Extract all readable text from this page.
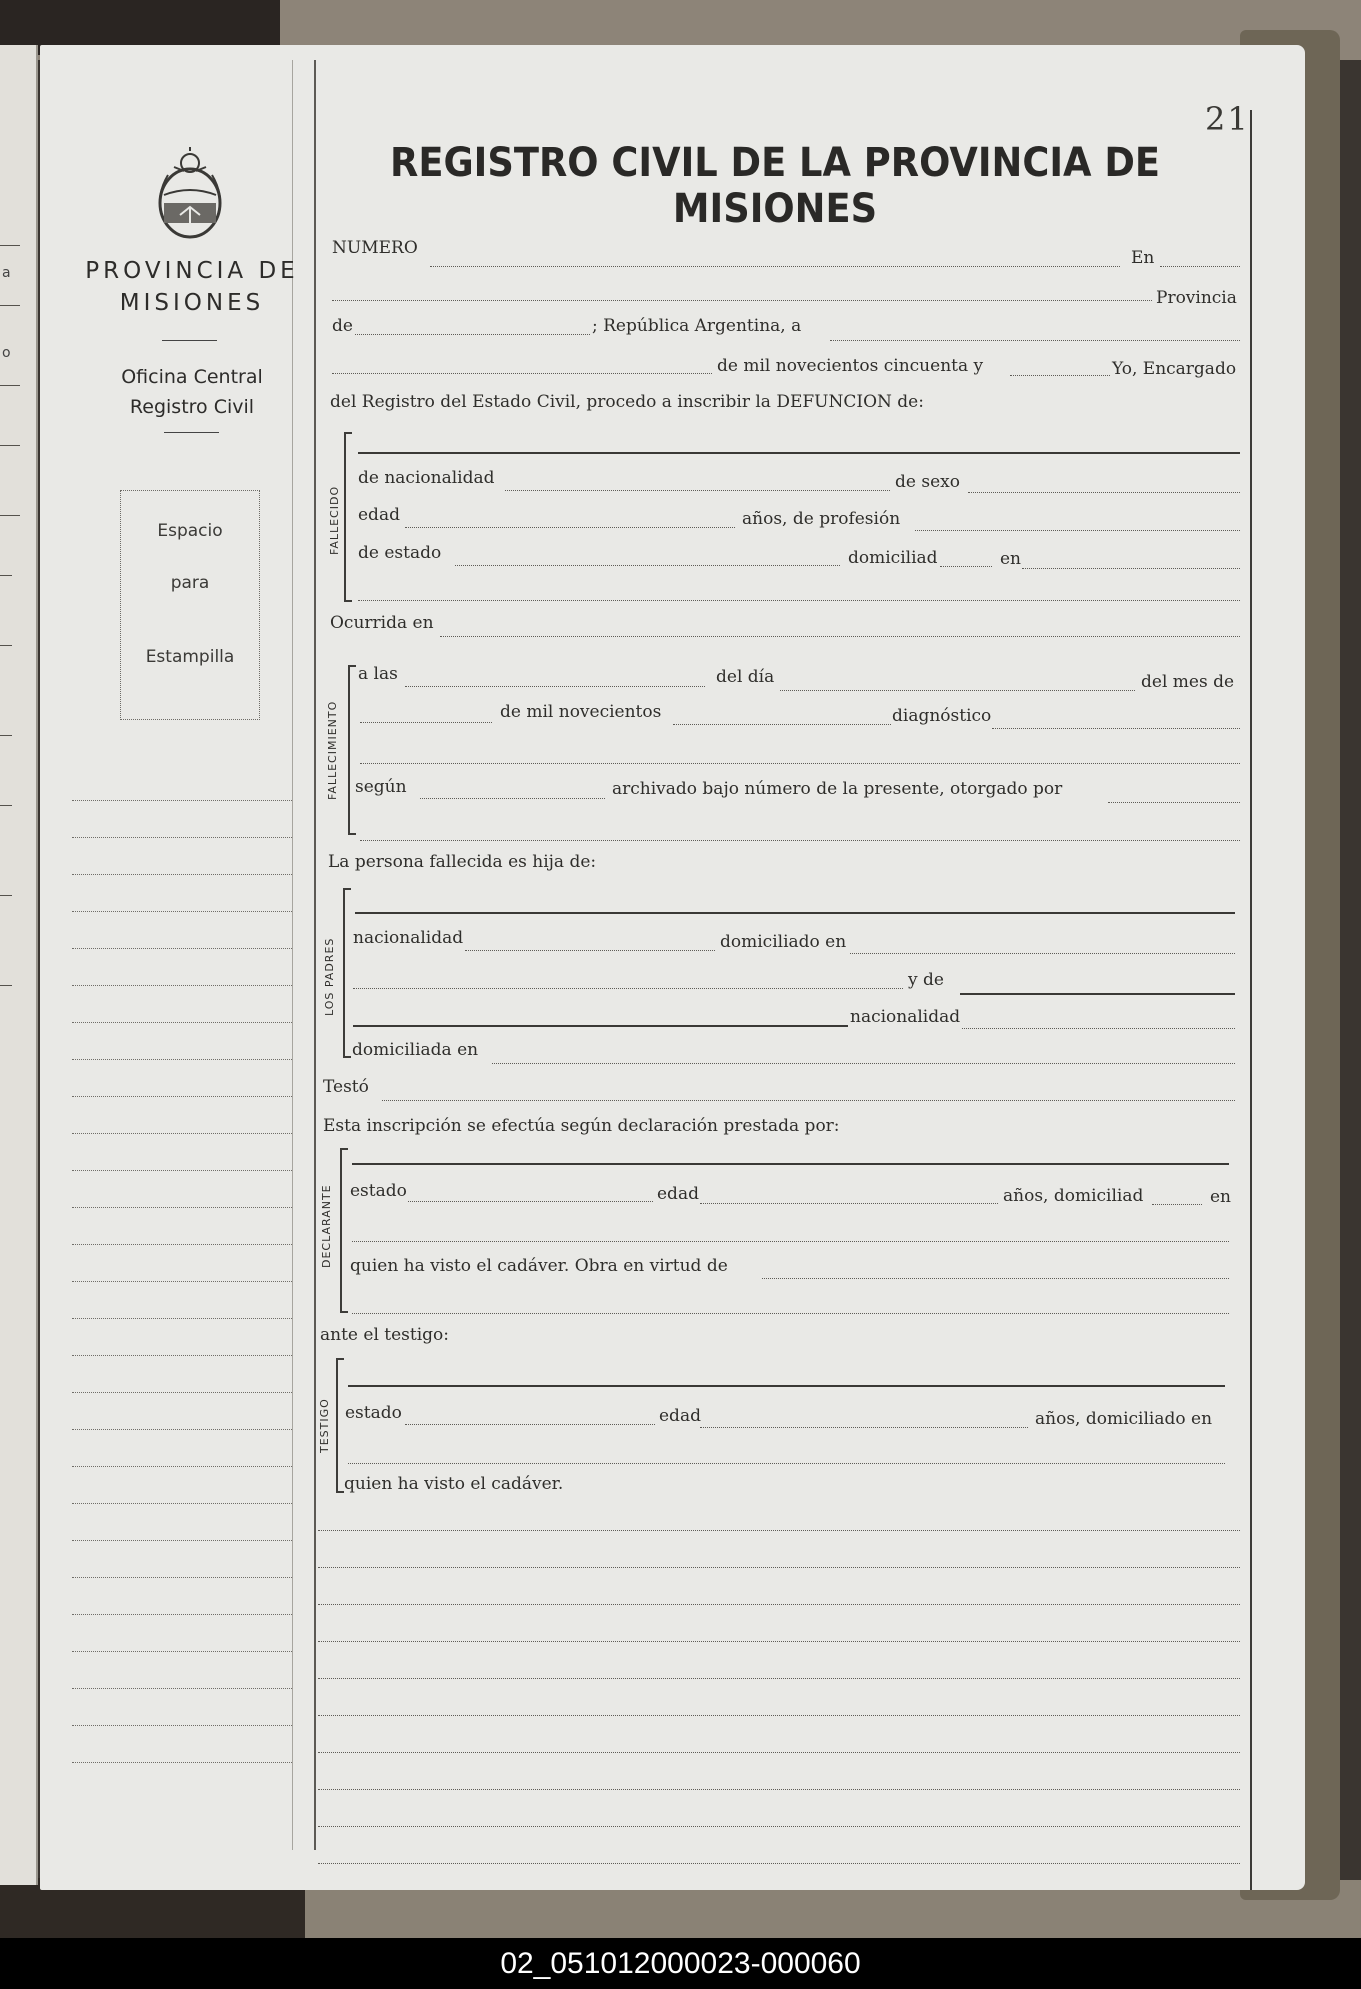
a
o
PROVINCIA DE
MISIONES
Oficina Central
Registro Civil
Espacio
para
Estampilla
21
REGISTRO CIVIL DE LA PROVINCIA DE MISIONES
NUMERO	En
Provincia
de	; República Argentina, a
de mil novecientos cincuenta y	Yo, Encargado
del Registro del Estado Civil, procedo a inscribir la DEFUNCION de:
FALLECIDO
de nacionalidad	de sexo
edad	años, de profesión
de estado	domiciliad	en
Ocurrida en
FALLECIMIENTO
a las	del día	del mes de
de mil novecientos	diagnóstico
según	archivado bajo número de la presente, otorgado por
La persona fallecida es hija de:
LOS PADRES nacionalidad	domiciliado en
y de
nacionalidad
domiciliada en
Testó
Esta inscripción se efectúa según declaración prestada por:
DECLARANTE estado	edad	años, domiciliad	en
quien ha visto el cadáver. Obra en virtud de
ante el testigo:
TESTIGO estado	edad	años, domiciliado en
quien ha visto el cadáver.
02_051012000023-000060
